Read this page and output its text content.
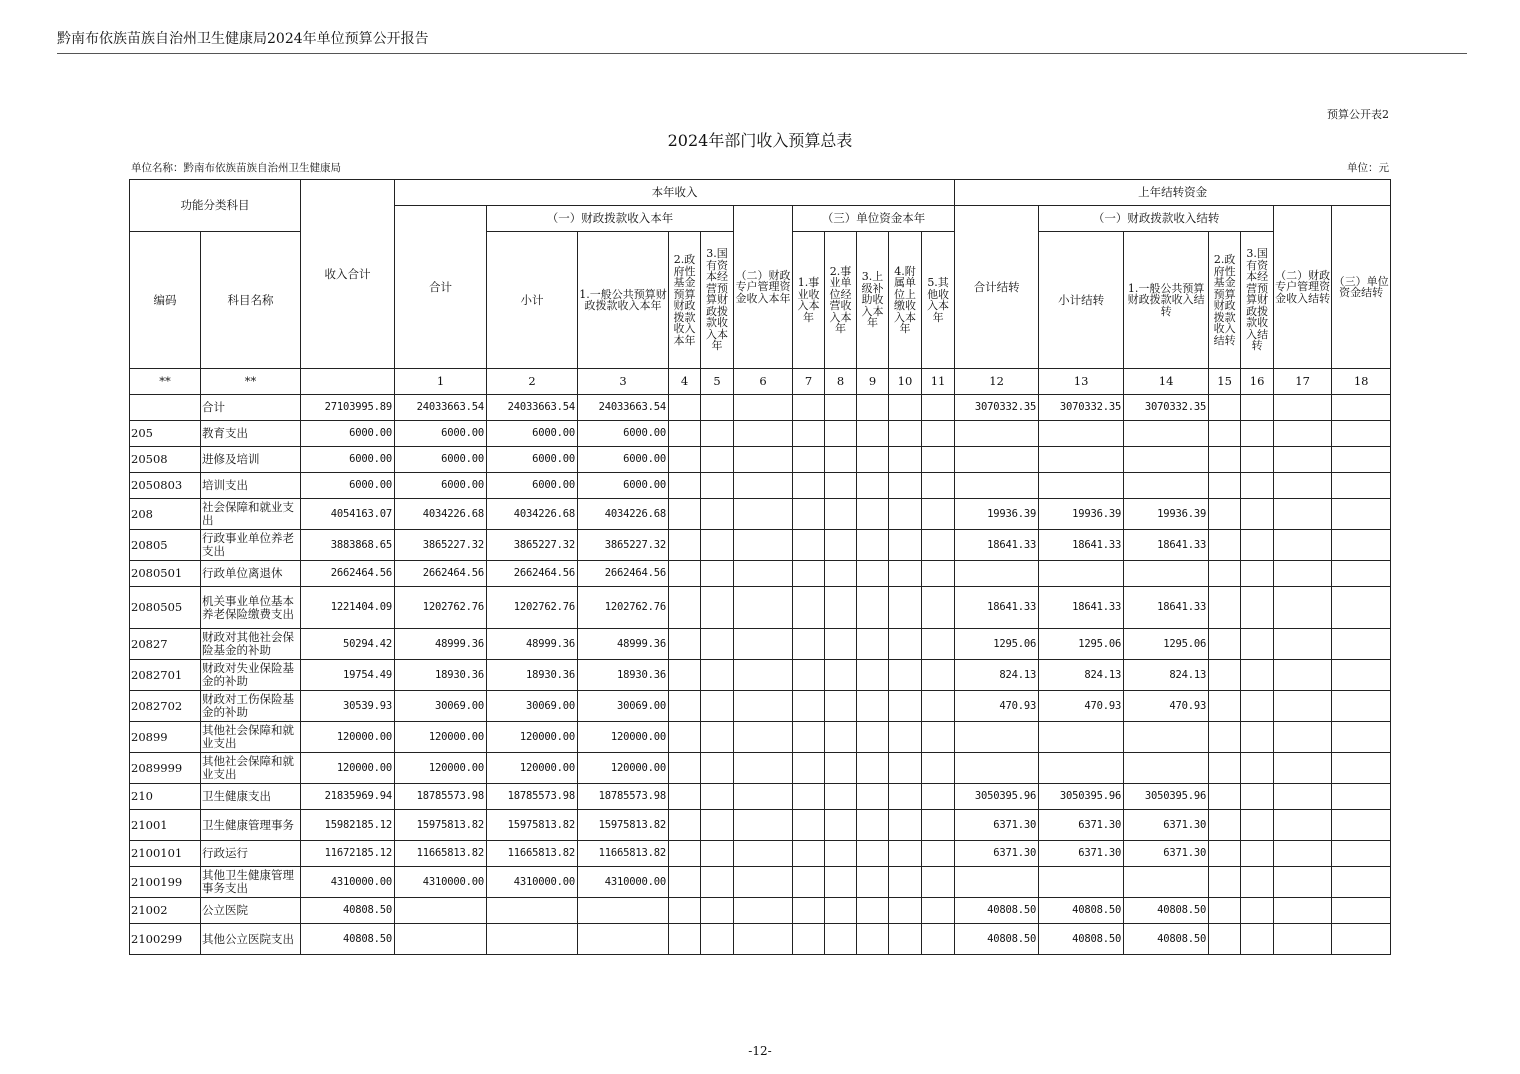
黔南布依族苗族自治州卫生健康局2024年单位预算公开报告
预算公开表2
2024年部门收入预算总表
单位名称：黔南布依族苗族自治州卫生健康局	单位：元
功能分类科目		收入合计	本年收入											上年结转资金						
			合计	（一）财政拨款收入本年				（二）财政专户管理资金收入本年	（三）单位资金本年					合计结转	（一）财政拨款收入结转				（二）财政专户管理资金收入结转	（三）单位资金结转
编码	科目名称			小计	1.一般公共预算财政拨款收入本年	2.政府性基金预算财政拨款收入本年	3.国有资本经营预算财政拨款收入本年		1.事业收入本年	2.事业单位经营收入本年	3.上级补助收入本年	4.附属单位上缴收入本年	5.其他收入本年		小计结转	1.一般公共预算财政拨款收入结转	2.政府性基金预算财政拨款收入结转	3.国有资本经营预算财政拨款收入结转		
**	**		1	2	3	4	5	6	7	8	9	10	11	12	13	14	15	16	17	18
	合计	27103995.89	24033663.54	24033663.54	24033663.54									3070332.35	3070332.35	3070332.35				
205	教育支出	6000.00	6000.00	6000.00	6000.00															
20508	进修及培训	6000.00	6000.00	6000.00	6000.00															
2050803	培训支出	6000.00	6000.00	6000.00	6000.00															
208	社会保障和就业支出	4054163.07	4034226.68	4034226.68	4034226.68									19936.39	19936.39	19936.39				
20805	行政事业单位养老支出	3883868.65	3865227.32	3865227.32	3865227.32									18641.33	18641.33	18641.33				
2080501	行政单位离退休	2662464.56	2662464.56	2662464.56	2662464.56															
2080505	机关事业单位基本养老保险缴费支出	1221404.09	1202762.76	1202762.76	1202762.76									18641.33	18641.33	18641.33				
20827	财政对其他社会保险基金的补助	50294.42	48999.36	48999.36	48999.36									1295.06	1295.06	1295.06				
2082701	财政对失业保险基金的补助	19754.49	18930.36	18930.36	18930.36									824.13	824.13	824.13				
2082702	财政对工伤保险基金的补助	30539.93	30069.00	30069.00	30069.00									470.93	470.93	470.93				
20899	其他社会保障和就业支出	120000.00	120000.00	120000.00	120000.00															
2089999	其他社会保障和就业支出	120000.00	120000.00	120000.00	120000.00															
210	卫生健康支出	21835969.94	18785573.98	18785573.98	18785573.98									3050395.96	3050395.96	3050395.96				
21001	卫生健康管理事务	15982185.12	15975813.82	15975813.82	15975813.82									6371.30	6371.30	6371.30				
2100101	行政运行	11672185.12	11665813.82	11665813.82	11665813.82									6371.30	6371.30	6371.30				
2100199	其他卫生健康管理事务支出	4310000.00	4310000.00	4310000.00	4310000.00															
21002	公立医院	40808.50												40808.50	40808.50	40808.50				
2100299	其他公立医院支出	40808.50												40808.50	40808.50	40808.50				
-12-
